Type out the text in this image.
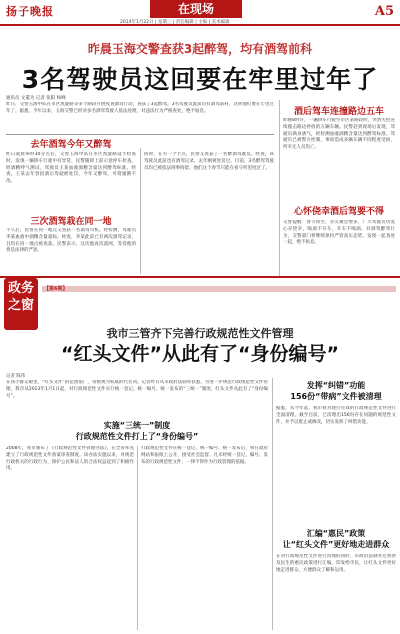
扬子晚报	在现场
2014年1月22日 | 星期三 | 责任编辑 | 主编 | 美术编辑
A5
昨晨玉海交警查获3起醉驾，均有酒驾前科
3名驾驶员这回要在牢里过年了
通讯员 文董为 记者 张阳 杨峰
昨日，交警玉海中队在市区凯旋路等多个路段开展夜查酒驾行动，查获了3起醉驾。3名驾驶员此前均有酒驾前科，这回他们要在牢里过年了。据悉，今年以来，玉海交警已经对多名酒驾驾驶人依法处理，对违法行为严格查处，绝不姑息。
去年酒驾今年又醉驾
昨日凌晨零时30分左右，交警玉海中队在市区凯旋路设卡检查时，发现一辆轿车行驶中有异常，民警随即上前示意停车检查。经酒精呼气测试，驾驶员王某血液酒精含量达到醉驾标准。经查，王某去年曾因酒后驾驶被处罚，今年又醉驾，可谓屡教不改。
三次酒驾栽在同一地
不久后，民警在同一地点又查获一名酒驾司机。经检测，驾驶员李某血液中酒精含量超标。经查，李某此前已有两次酒驾记录，且均在同一地点被查获。民警表示，这次他再次落网，等待他的将是法律的严惩。
同时，在另一个卡点，民警又查获了一名醉酒驾驶员。经查，该驾驶员此前也有酒驾记录，去年刚被处罚过。目前，3名醉驾驾驶员均已被依法刑事拘留，他们这个春节只能在看守所里度过了。
酒后驾车连撞路边五车
昨晚8时许，一辆轿车行驶至市区某路段时，突然失控连续撞击路边停放的五辆车辆。民警赶到现场后发现，驾驶员满身酒气，经检测血液酒精含量达到醉驾标准。驾驶员已被警方控制，事故造成多辆车辆不同程度受损，所幸无人员伤亡。
心怀侥幸酒后驾要不得
交警提醒：春节将至，亲友聚会增多，广大驾驶员切莫心存侥幸，喝酒不开车，开车不喝酒。对酒驾醉驾行为，交警部门将继续保持严管高压态势，发现一起查处一起，绝不姑息。
政务之窗
【第6期】
我市三管齐下完善行政规范性文件管理
“红头文件”从此有了“身份编号”
记者 陈伟
在我小群众眼里，“红头文件”的范围很广，常被视为权威的代名词。记者昨日从市政府法制办获悉，为进一步规范行政规范性文件管理，我市从2013年1月1日起，对行政规范性文件实行统一登记、统一编号、统一发布的“三统一”制度，红头文件从此有了“身份编号”。
实施“三统一”制度
行政规范性文件打上了“身份编号”
2008年，我市颁布了《行政规范性文件管理办法》，在全省率先建立了行政规范性文件备案审查制度。该办法实施以来，对规范行政机关的行政行为、保护公民和法人的合法权益起到了积极作用。
行政规范性文件在统一登记、统一编号、统一发布后，将在政府网站和报纸上公开，接受社会监督。凡未经统一登记、编号、发布的行政规范性文件，一律不得作为行政管理的依据。
发挥“纠错”功能
156份“带病”文件被清理
据悉，从今年起，我市将对现行有效的行政规范性文件进行全面清理。截至目前，已清理出156份存在问题的规范性文件，并予以废止或修改，切实发挥了纠错功能。
汇编“惠民”政策
让“红头文件”更好地走进群众
在对行政规范性文件进行清理的同时，市政府法制办还将涉及民生的惠民政策进行汇编，印发给市民，让红头文件更好地走进群众，方便群众了解和运用。
